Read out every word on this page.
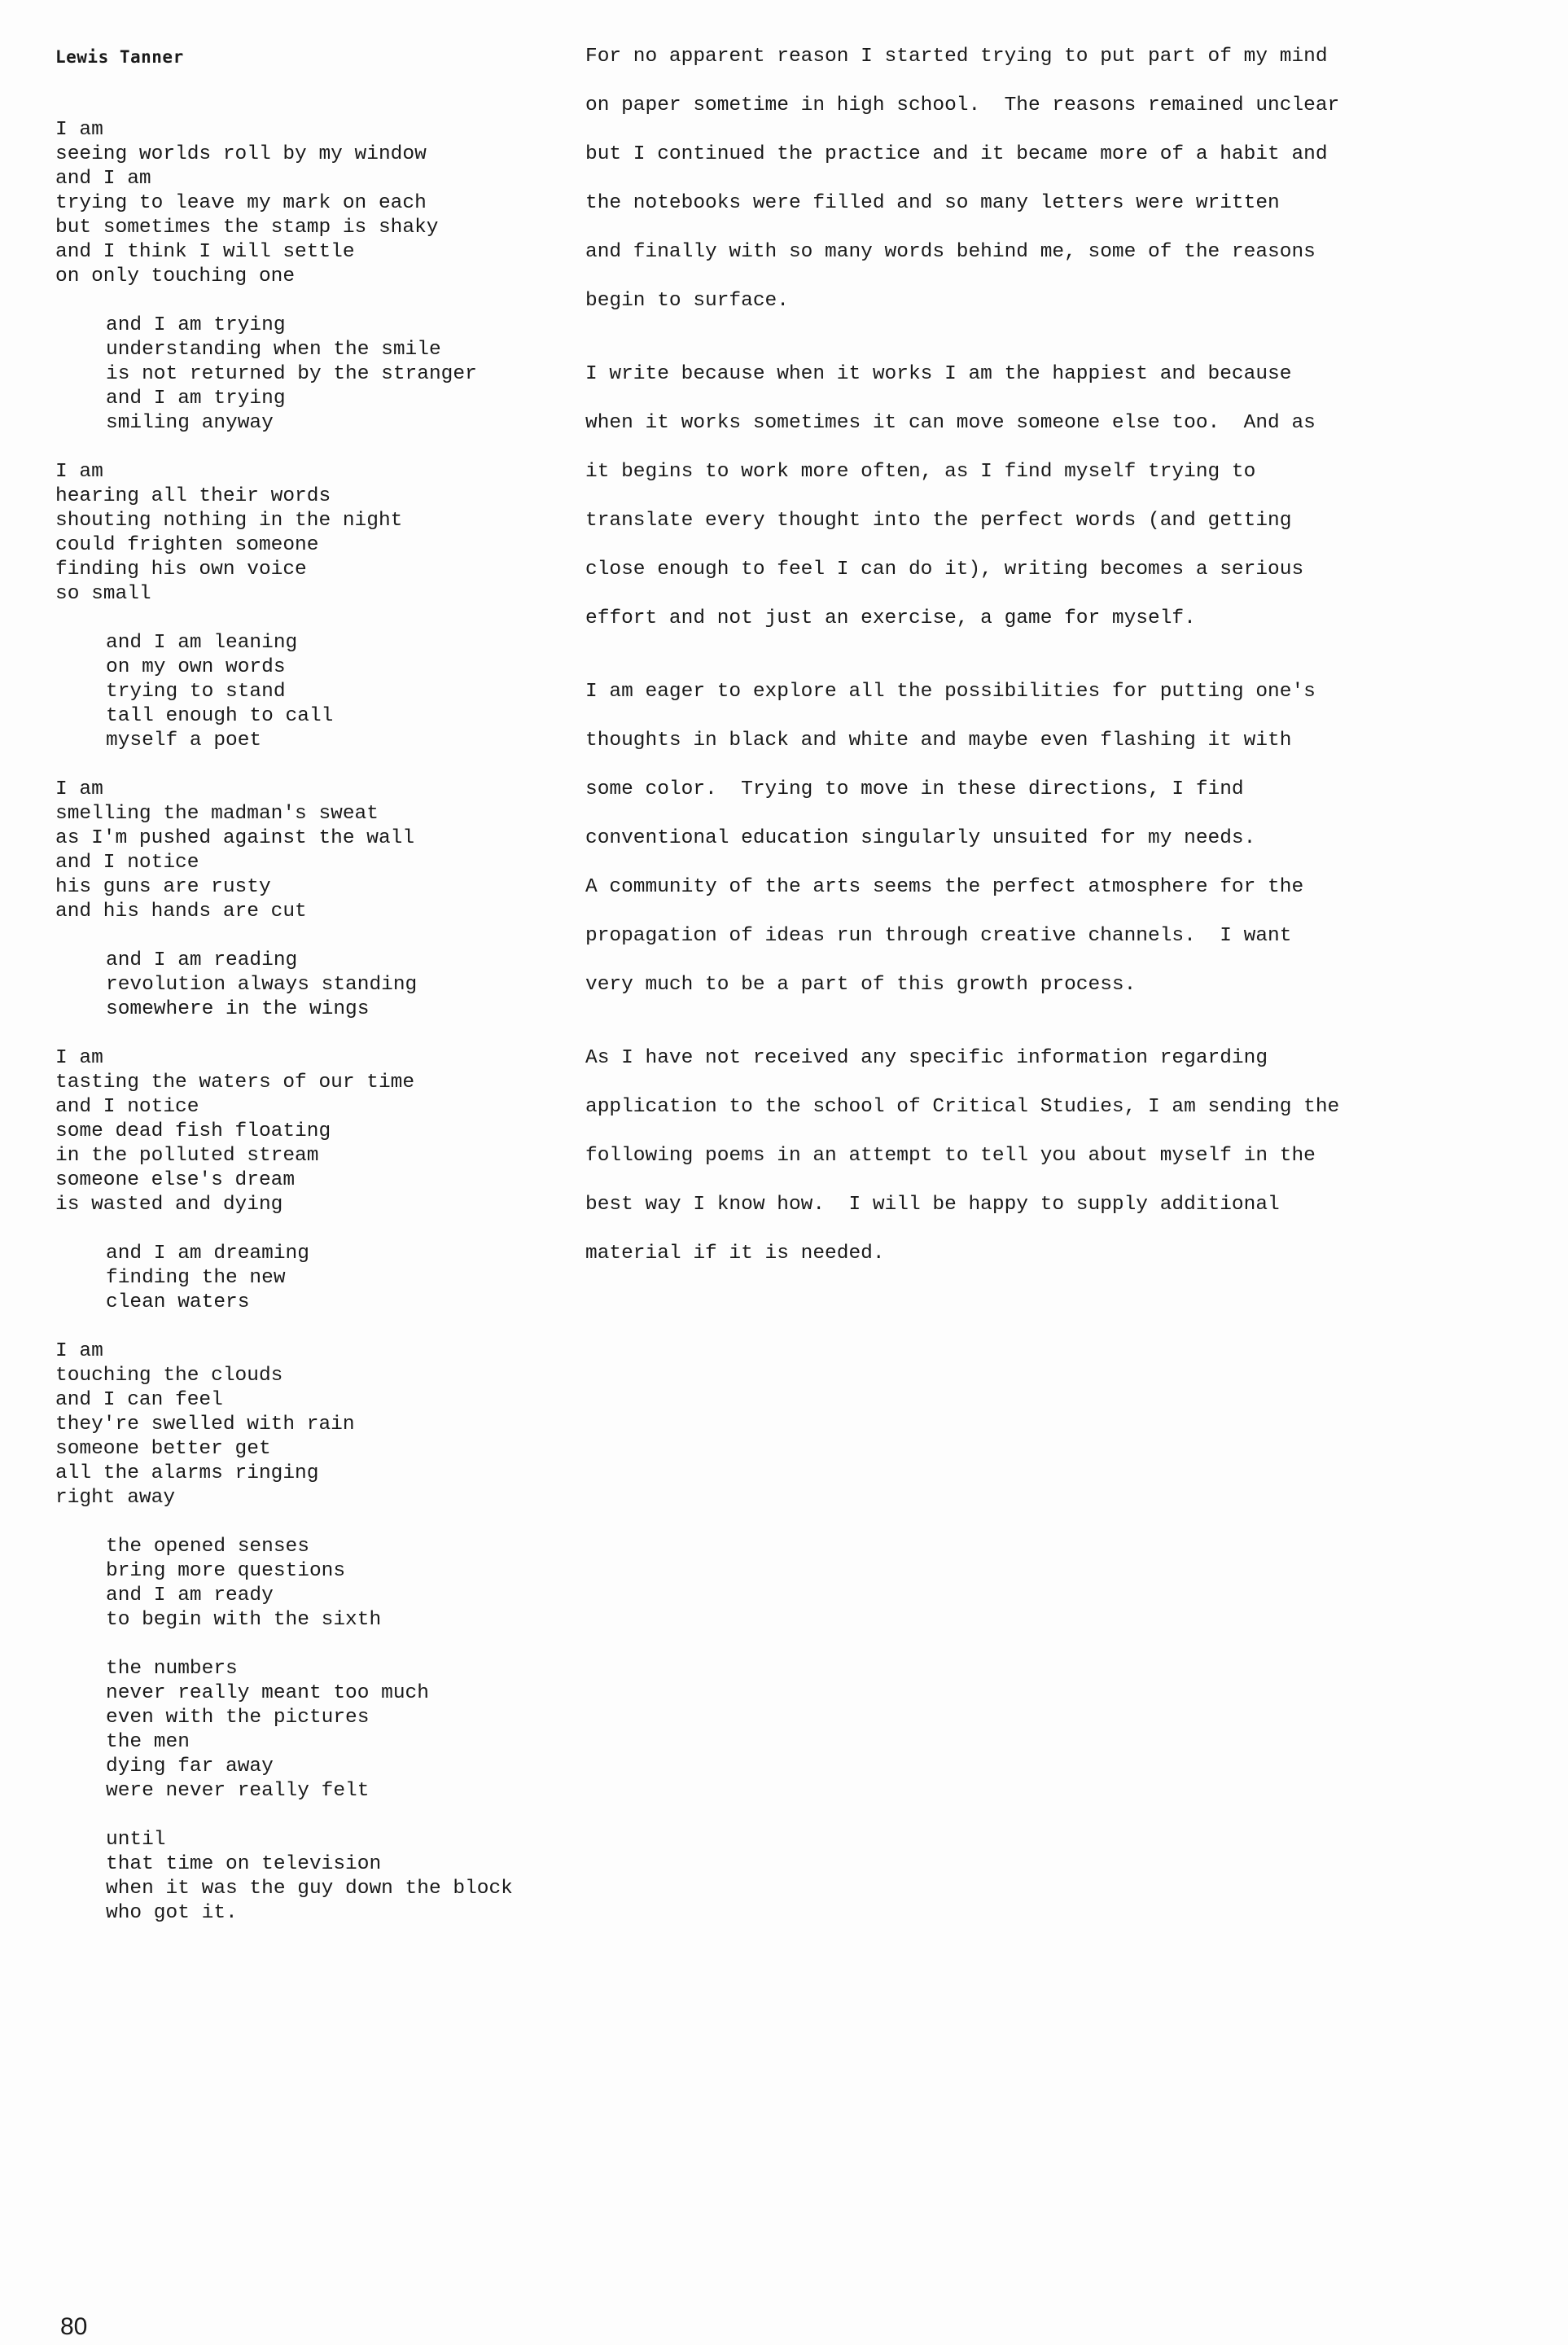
Lewis Tanner
I am
seeing worlds roll by my window
and I am
trying to leave my mark on each
but sometimes the stamp is shaky
and I think I will settle
on only touching one
and I am trying
understanding when the smile
is not returned by the stranger
and I am trying
smiling anyway
I am
hearing all their words
shouting nothing in the night
could frighten someone
finding his own voice
so small
and I am leaning
on my own words
trying to stand
tall enough to call
myself a poet
I am
smelling the madman's sweat
as I'm pushed against the wall
and I notice
his guns are rusty
and his hands are cut
and I am reading
revolution always standing
somewhere in the wings
I am
tasting the waters of our time
and I notice
some dead fish floating
in the polluted stream
someone else's dream
is wasted and dying
and I am dreaming
finding the new
clean waters
I am
touching the clouds
and I can feel
they're swelled with rain
someone better get
all the alarms ringing
right away
the opened senses
bring more questions
and I am ready
to begin with the sixth
the numbers
never really meant too much
even with the pictures
the men
dying far away
were never really felt
until
that time on television
when it was the guy down the block
who got it.
For no apparent reason I started trying to put part of my mind
on paper sometime in high school.  The reasons remained unclear
but I continued the practice and it became more of a habit and
the notebooks were filled and so many letters were written
and finally with so many words behind me, some of the reasons
begin to surface.
I write because when it works I am the happiest and because
when it works sometimes it can move someone else too.  And as
it begins to work more often, as I find myself trying to
translate every thought into the perfect words (and getting
close enough to feel I can do it), writing becomes a serious
effort and not just an exercise, a game for myself.
I am eager to explore all the possibilities for putting one's
thoughts in black and white and maybe even flashing it with
some color.  Trying to move in these directions, I find
conventional education singularly unsuited for my needs.
A community of the arts seems the perfect atmosphere for the
propagation of ideas run through creative channels.  I want
very much to be a part of this growth process.
As I have not received any specific information regarding
application to the school of Critical Studies, I am sending the
following poems in an attempt to tell you about myself in the
best way I know how.  I will be happy to supply additional
material if it is needed.
80
